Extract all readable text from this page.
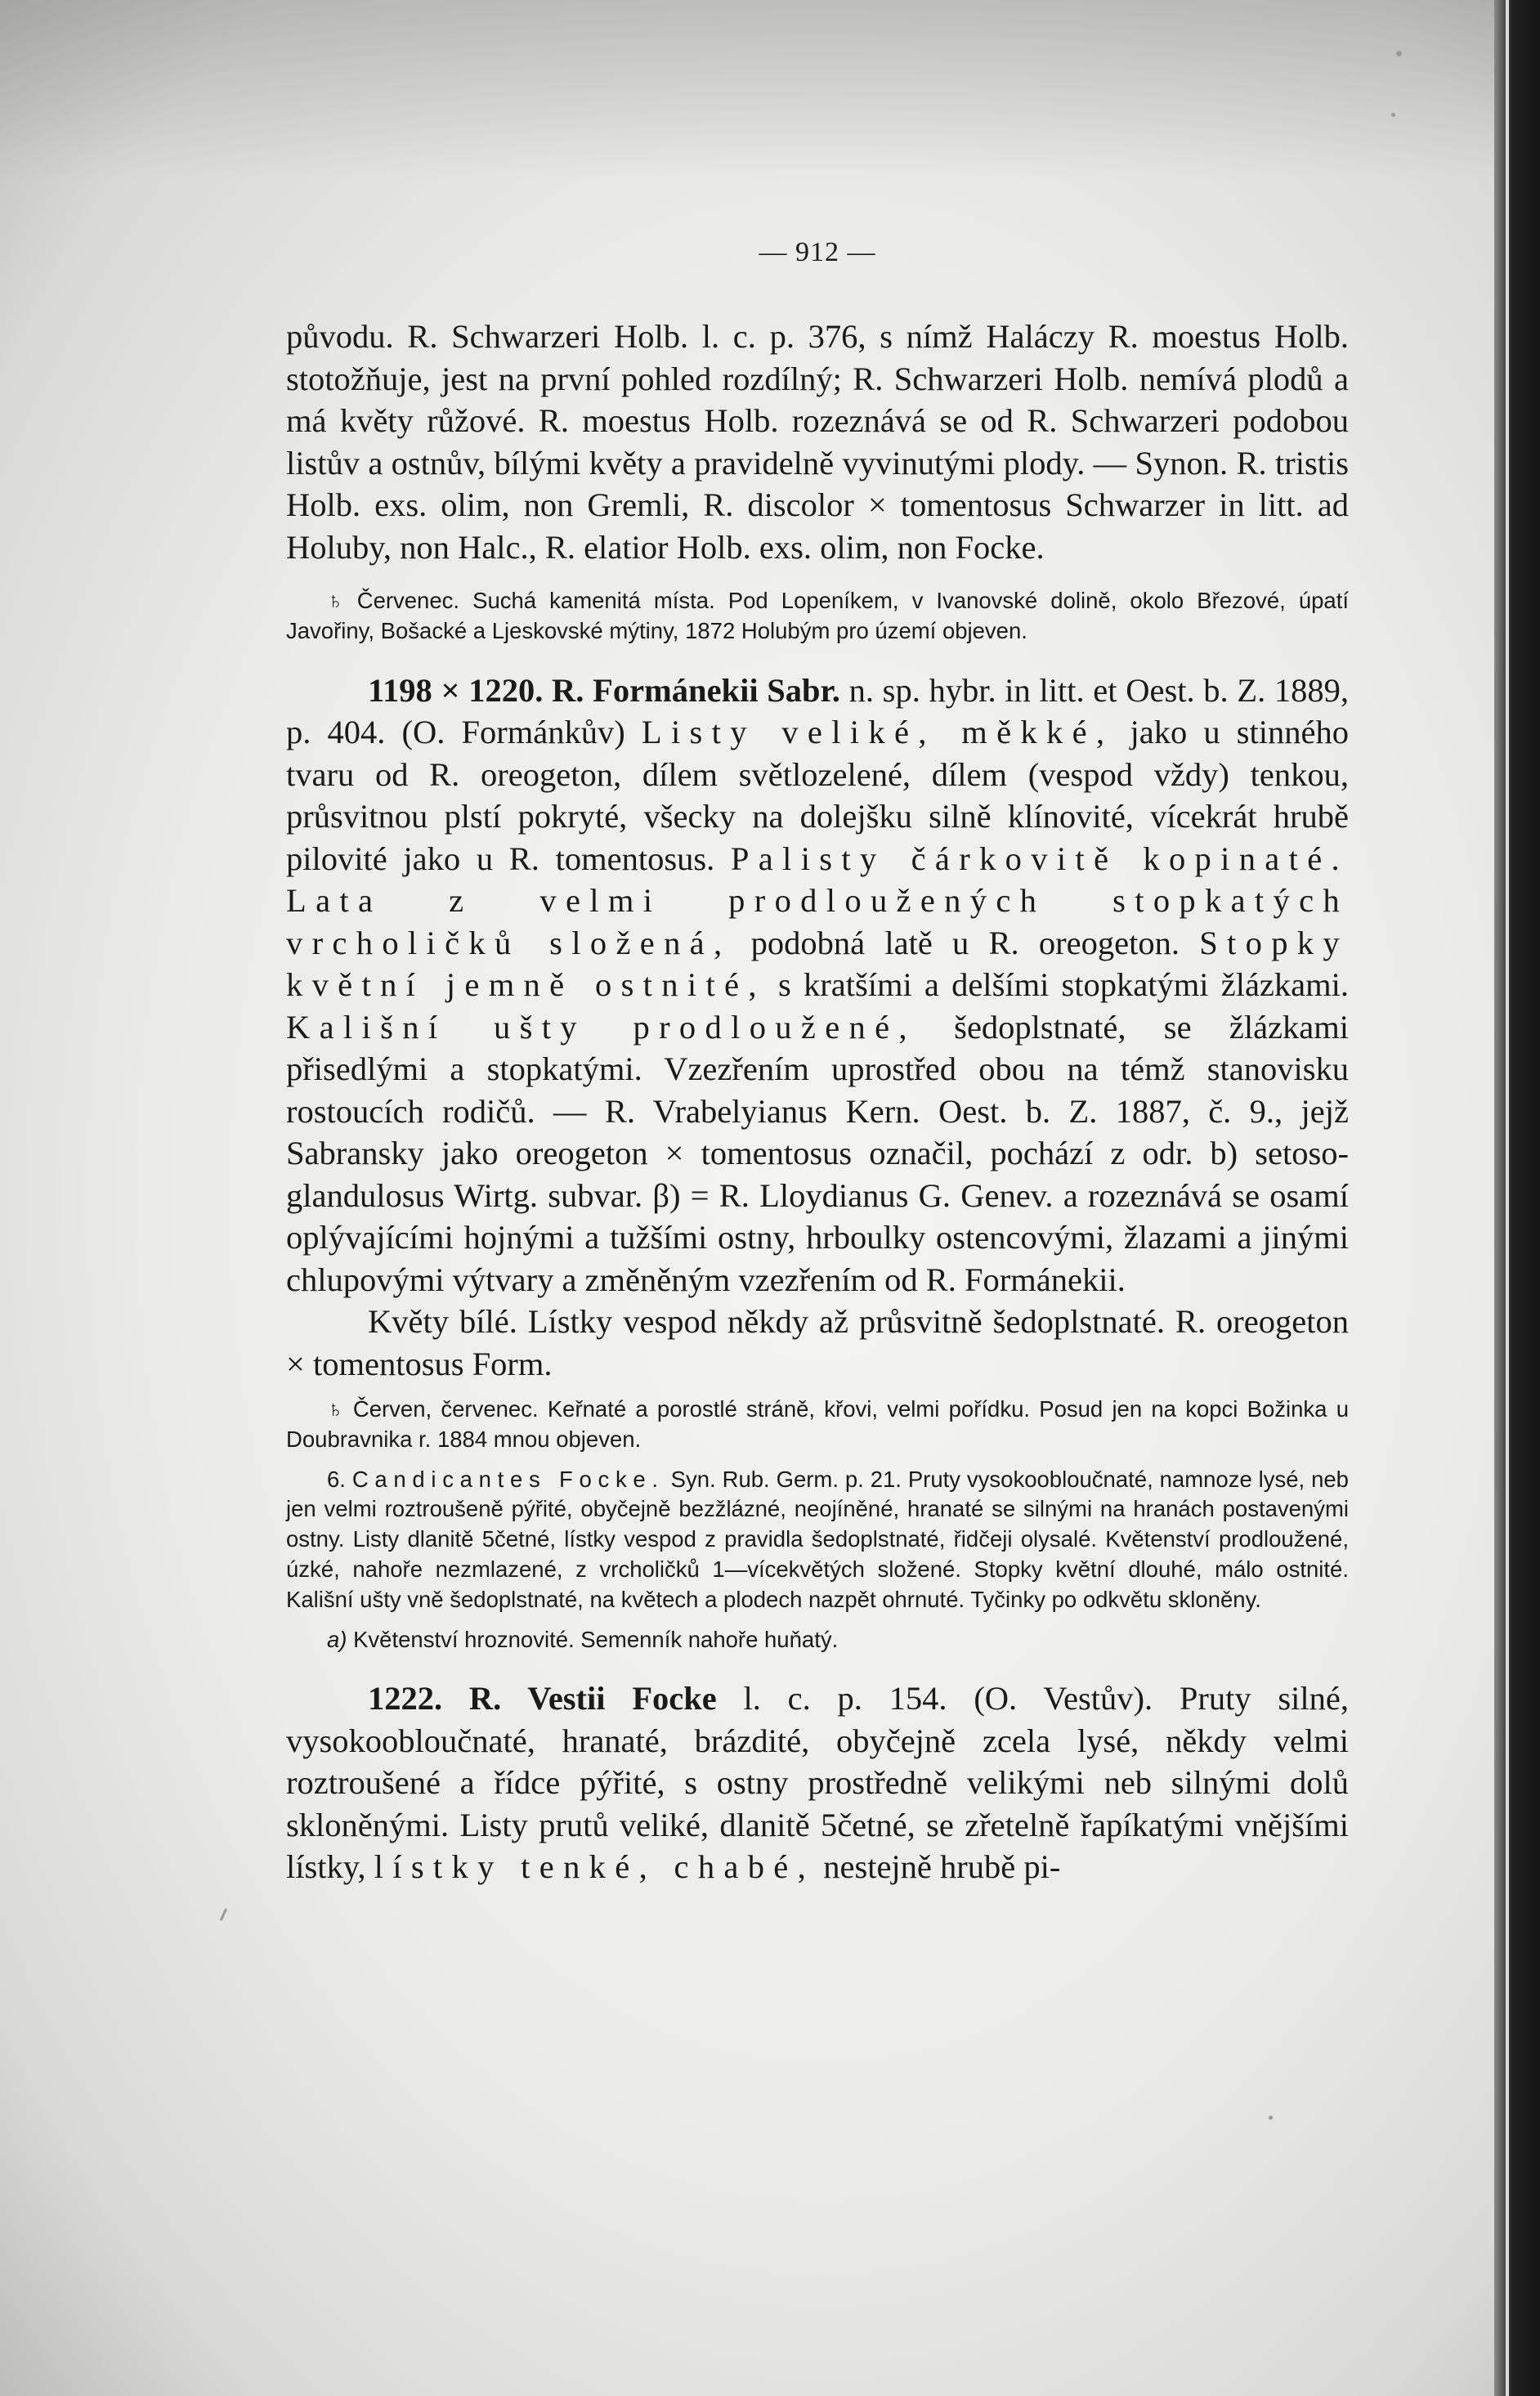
— 912 —

původu. R. Schwarzeri Holb. l. c. p. 376, s nímž Haláczy R. moestus Holb. stotožňuje, jest na první pohled rozdílný; R. Schwarzeri Holb. nemívá plodů a má květy růžové. R. moestus Holb. rozeznává se od R. Schwarzeri podobou listův a ostnův, bílými květy a pravidelně vyvinutými plody. — Synon. R. tristis Holb. exs. olim, non Gremli, R. discolor × tomentosus Schwarzer in litt. ad Holuby, non Halc., R. elatior Holb. exs. olim, non Focke.

♄ Červenec. Suchá kamenitá místa. Pod Lopeníkem, v Ivanovské dolině, okolo Březové, úpatí Javořiny, Bošacké a Ljeskovské mýtiny, 1872 Holubým pro území objeven.

1198 × 1220. R. Formánekii Sabr. n. sp. hybr. in litt. et Oest. b. Z. 1889, p. 404. (O. Formánkův) Listy veliké, měkké, jako u stinného tvaru od R. oreogeton, dílem světlozelené, dílem (vespod vždy) tenkou, průsvitnou plstí pokryté, všecky na dolejšku silně klínovité, vícekrát hrubě pilovité jako u R. tomentosus. Palisty čárkovitě kopinaté. Lata z velmi prodloužených stopkatých vrcholičků složená, podobná latě u R. oreogeton. Stopky květní jemně ostnité, s kratšími a delšími stopkatými žlázkami. Kališní ušty prodloužené, šedoplstnaté, se žlázkami přisedlými a stopkatými. Vzezřením uprostřed obou na témž stanovisku rostoucích rodičů. — R. Vrabelyianus Kern. Oest. b. Z. 1887, č. 9., jejž Sabransky jako oreogeton × tomentosus označil, pochází z odr. b) setoso-glandulosus Wirtg. subvar. β) = R. Lloydianus G. Genev. a rozeznává se osamí oplývajícími hojnými a tužšími ostny, hrboulky ostencovými, žlazami a jinými chlupovými výtvary a změněným vzezřením od R. Formánekii.

Květy bílé. Lístky vespod někdy až průsvitně šedoplstnaté. R. oreogeton × tomentosus Form.

♄ Červen, červenec. Keřnaté a porostlé stráně, křovi, velmi pořídku. Posud jen na kopci Božinka u Doubravnika r. 1884 mnou objeven.

6. Candicantes Focke. Syn. Rub. Germ. p. 21. Pruty vysokoobloučnaté, namnoze lysé, neb jen velmi roztroušeně pýřité, obyčejně bezžlázné, neojíněné, hranaté se silnými na hranách postavenými ostny. Listy dlanitě 5četné, lístky vespod z pravidla šedoplstnaté, řidčeji olysalé. Květenství prodloužené, úzké, nahoře nezmlazené, z vrcholičků 1—vícekvětých složené. Stopky květní dlouhé, málo ostnité. Kališní ušty vně šedoplstnaté, na květech a plodech nazpět ohrnuté. Tyčinky po odkvětu skloněny.

a) Květenství hroznovité. Semenník nahoře huňatý.

1222. R. Vestii Focke l. c. p. 154. (O. Vestův). Pruty silné, vysokoobloučnaté, hranaté, brázdité, obyčejně zcela lysé, někdy velmi roztroušené a řídce pýřité, s ostny prostředně velikými neb silnými dolů skloněnými. Listy prutů veliké, dlanitě 5četné, se zřetelně řapíkatými vnějšími lístky, lístky tenké, chabé, nestejně hrubě pi-
